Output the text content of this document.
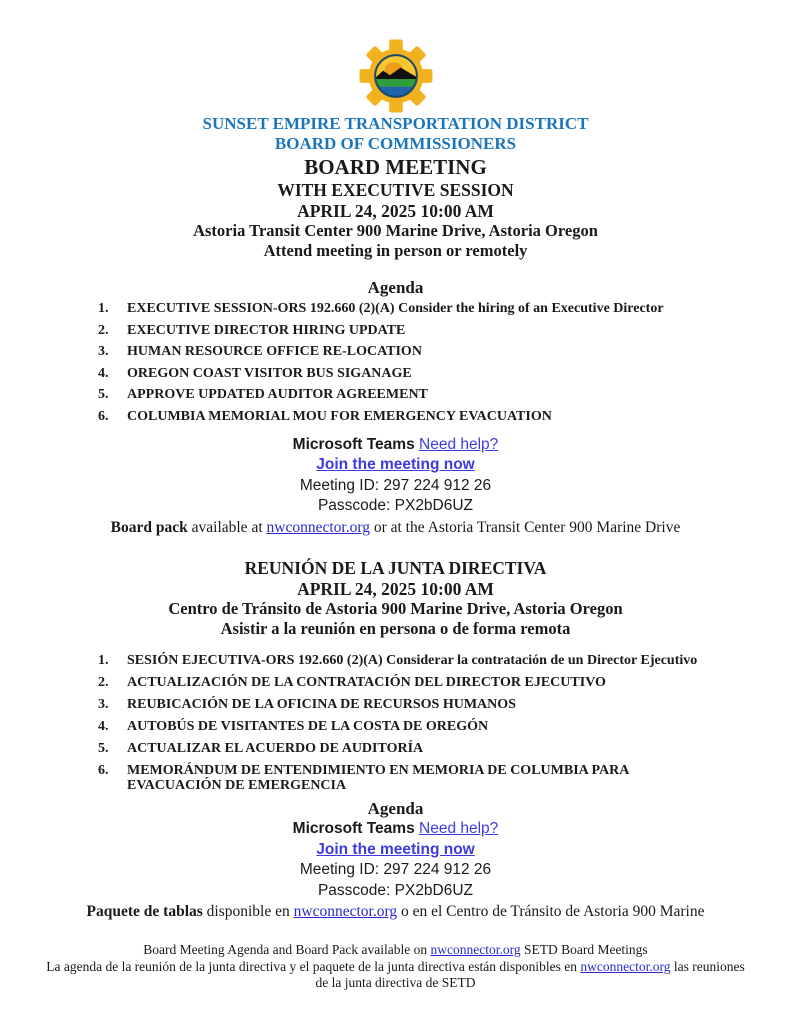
SUNSET EMPIRE TRANSPORTATION DISTRICT
BOARD OF COMMISSIONERS
BOARD MEETING
WITH EXECUTIVE SESSION
APRIL 24, 2025 10:00 AM
Astoria Transit Center 900 Marine Drive, Astoria Oregon
Attend meeting in person or remotely
Agenda
EXECUTIVE SESSION-ORS 192.660 (2)(A) Consider the hiring of an Executive Director
EXECUTIVE DIRECTOR HIRING UPDATE
HUMAN RESOURCE OFFICE RE-LOCATION
OREGON COAST VISITOR BUS SIGANAGE
APPROVE UPDATED AUDITOR AGREEMENT
COLUMBIA MEMORIAL MOU FOR EMERGENCY EVACUATION
Microsoft Teams Need help?
Join the meeting now
Meeting ID: 297 224 912 26
Passcode: PX2bD6UZ
Board pack available at nwconnector.org or at the Astoria Transit Center 900 Marine Drive
REUNIÓN DE LA JUNTA DIRECTIVA
APRIL 24, 2025 10:00 AM
Centro de Tránsito de Astoria 900 Marine Drive, Astoria Oregon
Asistir a la reunión en persona o de forma remota
SESIÓN EJECUTIVA-ORS 192.660 (2)(A) Considerar la contratación de un Director Ejecutivo
ACTUALIZACIÓN DE LA CONTRATACIÓN DEL DIRECTOR EJECUTIVO
REUBICACIÓN DE LA OFICINA DE RECURSOS HUMANOS
AUTOBÚS DE VISITANTES DE LA COSTA DE OREGÓN
ACTUALIZAR EL ACUERDO DE AUDITORÍA
MEMORÁNDUM DE ENTENDIMIENTO EN MEMORIA DE COLUMBIA PARA EVACUACIÓN DE EMERGENCIA
Agenda
Microsoft Teams Need help?
Join the meeting now
Meeting ID: 297 224 912 26
Passcode: PX2bD6UZ
Paquete de tablas disponible en nwconnector.org o en el Centro de Tránsito de Astoria 900 Marine
Board Meeting Agenda and Board Pack available on nwconnector.org SETD Board Meetings
La agenda de la reunión de la junta directiva y el paquete de la junta directiva están disponibles en nwconnector.org las reuniones de la junta directiva de SETD
